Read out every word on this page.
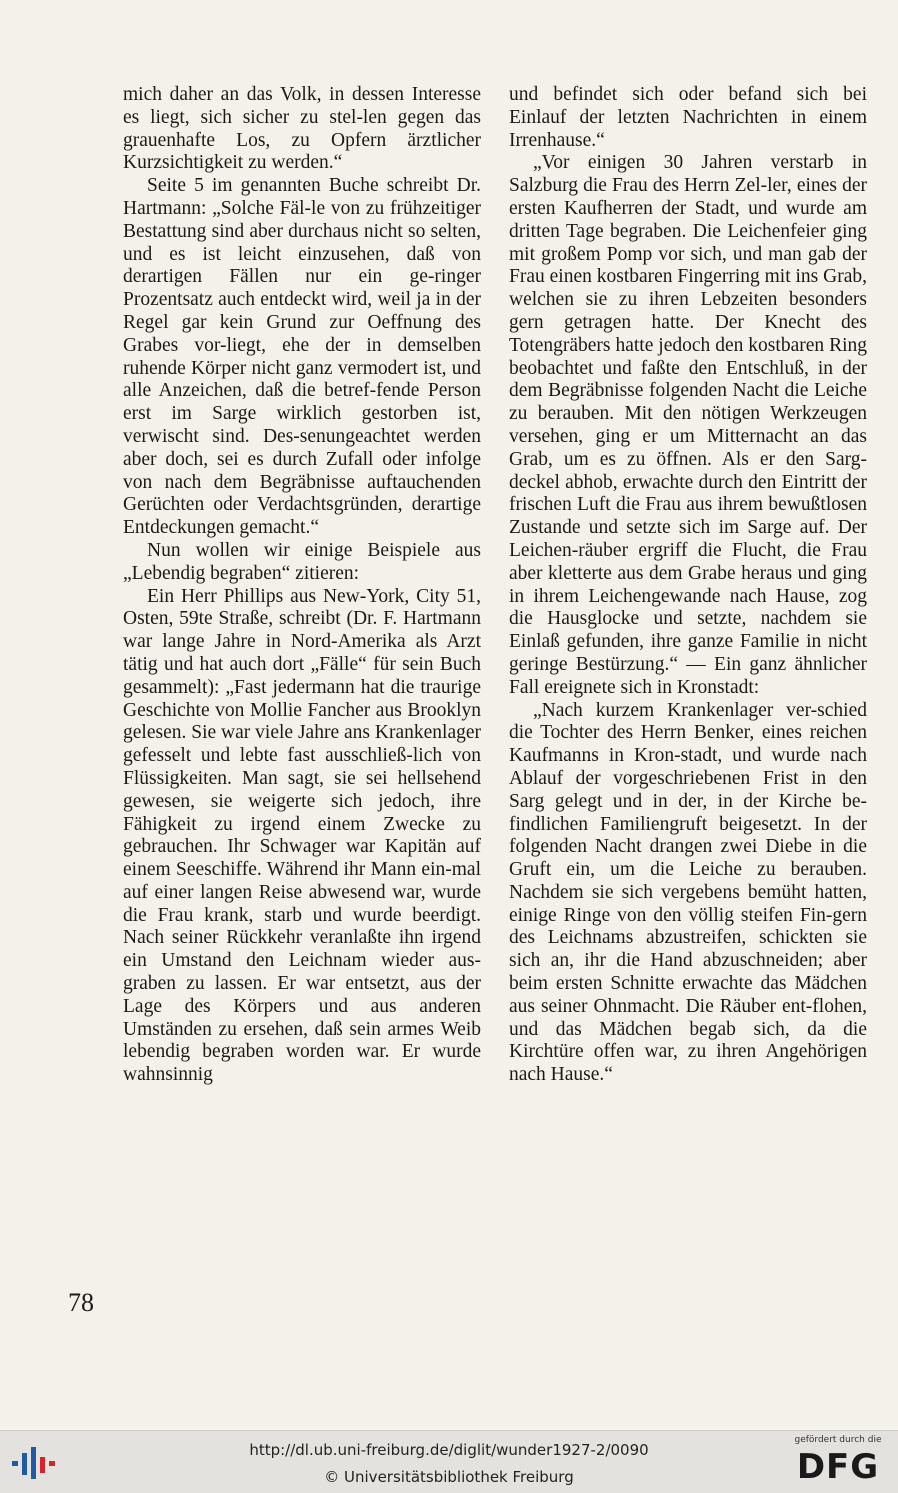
mich daher an das Volk, in dessen Interesse es liegt, sich sicher zu stel-len gegen das grauenhafte Los, zu Opfern ärztlicher Kurzsichtigkeit zu werden.“

Seite 5 im genannten Buche schreibt Dr. Hartmann: „Solche Fäl-le von zu frühzeitiger Bestattung sind aber durchaus nicht so selten, und es ist leicht einzusehen, daß von derartigen Fällen nur ein ge-ringer Prozentsatz auch entdeckt wird, weil ja in der Regel gar kein Grund zur Oeffnung des Grabes vor-liegt, ehe der in demselben ruhende Körper nicht ganz vermodert ist, und alle Anzeichen, daß die betref-fende Person erst im Sarge wirklich gestorben ist, verwischt sind. Des-senungeachtet werden aber doch, sei es durch Zufall oder infolge von nach dem Begräbnisse auftauchenden Gerüchten oder Verdachtsgründen, derartige Entdeckungen gemacht.“

Nun wollen wir einige Beispiele aus „Lebendig begraben“ zitieren:

Ein Herr Phillips aus New-York, City 51, Osten, 59te Straße, schreibt (Dr. F. Hartmann war lange Jahre in Nord-Amerika als Arzt tätig und hat auch dort „Fälle“ für sein Buch gesammelt): „Fast jedermann hat die traurige Geschichte von Mollie Fancher aus Brooklyn gelesen. Sie war viele Jahre ans Krankenlager gefesselt und lebte fast ausschließ-lich von Flüssigkeiten. Man sagt, sie sei hellsehend gewesen, sie weigerte sich jedoch, ihre Fähigkeit zu irgend einem Zwecke zu gebrauchen. Ihr Schwager war Kapitän auf einem Seeschiffe. Während ihr Mann ein-mal auf einer langen Reise abwesend war, wurde die Frau krank, starb und wurde beerdigt. Nach seiner Rückkehr veranlaßte ihn irgend ein Umstand den Leichnam wieder aus-graben zu lassen. Er war entsetzt, aus der Lage des Körpers und aus anderen Umständen zu ersehen, daß sein armes Weib lebendig begraben worden war. Er wurde wahnsinnig

und befindet sich oder befand sich bei Einlauf der letzten Nachrichten in einem Irrenhause.“

„Vor einigen 30 Jahren verstarb in Salzburg die Frau des Herrn Zel-ler, eines der ersten Kaufherren der Stadt, und wurde am dritten Tage begraben. Die Leichenfeier ging mit großem Pomp vor sich, und man gab der Frau einen kostbaren Fingerring mit ins Grab, welchen sie zu ihren Lebzeiten besonders gern getragen hatte. Der Knecht des Totengräbers hatte jedoch den kostbaren Ring beobachtet und faßte den Entschluß, in der dem Begräbnisse folgenden Nacht die Leiche zu berauben. Mit den nötigen Werkzeugen versehen, ging er um Mitternacht an das Grab, um es zu öffnen. Als er den Sarg-deckel abhob, erwachte durch den Eintritt der frischen Luft die Frau aus ihrem bewußtlosen Zustande und setzte sich im Sarge auf. Der Leichen-räuber ergriff die Flucht, die Frau aber kletterte aus dem Grabe heraus und ging in ihrem Leichengewande nach Hause, zog die Hausglocke und setzte, nachdem sie Einlaß gefunden, ihre ganze Familie in nicht geringe Bestürzung.“ — Ein ganz ähnlicher Fall ereignete sich in Kronstadt:

„Nach kurzem Krankenlager ver-schied die Tochter des Herrn Benker, eines reichen Kaufmanns in Kron-stadt, und wurde nach Ablauf der vorgeschriebenen Frist in den Sarg gelegt und in der, in der Kirche be-findlichen Familiengruft beigesetzt. In der folgenden Nacht drangen zwei Diebe in die Gruft ein, um die Leiche zu berauben. Nachdem sie sich vergebens bemüht hatten, einige Ringe von den völlig steifen Fin-gern des Leichnams abzustreifen, schickten sie sich an, ihr die Hand abzuschneiden; aber beim ersten Schnitte erwachte das Mädchen aus seiner Ohnmacht. Die Räuber ent-flohen, und das Mädchen begab sich, da die Kirchtüre offen war, zu ihren Angehörigen nach Hause.“

78
http://dl.ub.uni-freiburg.de/diglit/wunder1927-2/0090
© Universitätsbibliothek Freiburg
gefördert durch die
DFG
